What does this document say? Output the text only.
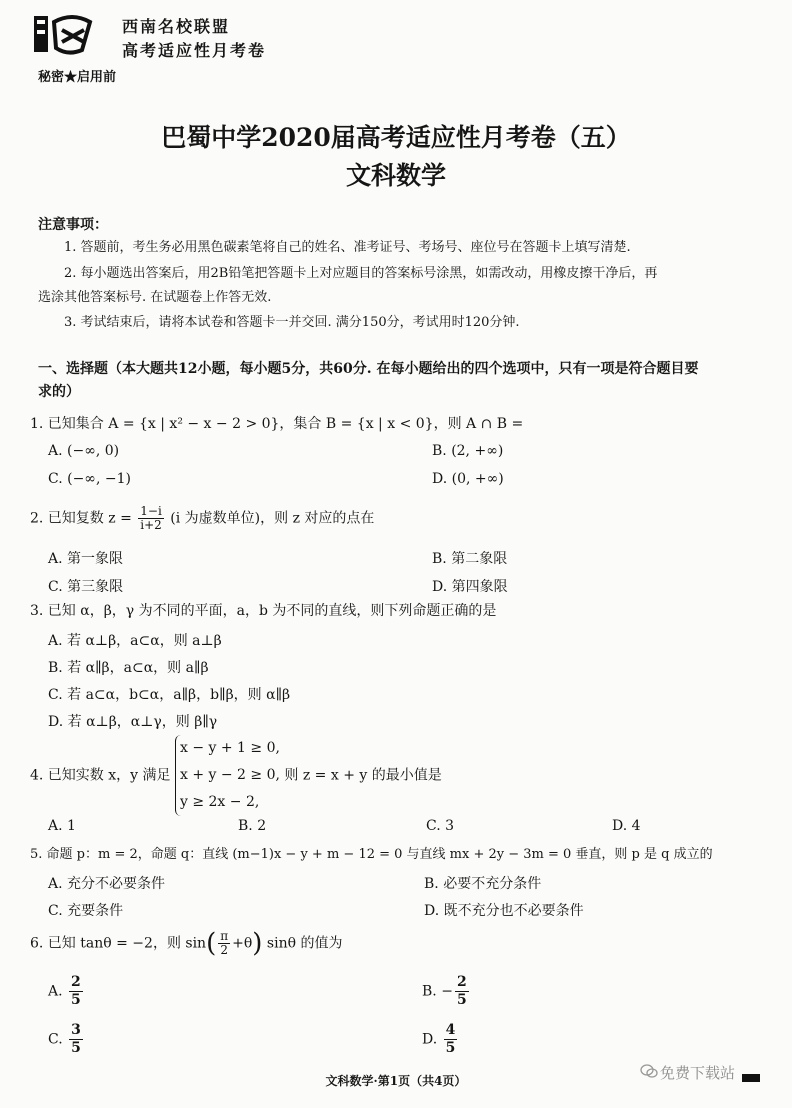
西南名校联盟
高考适应性月考卷
秘密★启用前
巴蜀中学2020届高考适应性月考卷（五）
文科数学
注意事项：
1. 答题前，考生务必用黑色碳素笔将自己的姓名、准考证号、考场号、座位号在答题卡上填写清楚.
2. 每小题选出答案后，用2B铅笔把答题卡上对应题目的答案标号涂黑，如需改动，用橡皮擦干净后，再
选涂其他答案标号. 在试题卷上作答无效.
3. 考试结束后，请将本试卷和答题卡一并交回. 满分150分，考试用时120分钟.
一、选择题（本大题共12小题，每小题5分，共60分. 在每小题给出的四个选项中，只有一项是符合题目要
求的）
1. 已知集合 A = {x | x² − x − 2 > 0}，集合 B = {x | x < 0}，则 A ∩ B =
A. (−∞, 0)	B. (2, +∞)
C. (−∞, −1)	D. (0, +∞)
2. 已知复数 $z = \frac{1-i}{i+2} (i$ 为虚数单位)，则 z 对应的点在
A. 第一象限	B. 第二象限
C. 第三象限	D. 第四象限
3. 已知 α，β，γ 为不同的平面，a，b 为不同的直线，则下列命题正确的是
A. 若 α⊥β，a⊂α，则 a⊥β
B. 若 α∥β，a⊂α，则 a∥β
C. 若 a⊂α，b⊂α，a∥β，b∥β，则 α∥β
D. 若 α⊥β，α⊥γ，则 β∥γ
4. 已知实数 x，y 满足
x − y + 1 ≥ 0,
x + y − 2 ≥ 0,
y ≥ 2x − 2,
则 z = x + y 的最小值是
A. 1	B. 2	C. 3	D. 4
5. 命题 p：m = 2，命题 q：直线 (m−1)x − y + m − 12 = 0 与直线 mx + 2y − 3m = 0 垂直，则 p 是 q 成立的
A. 充分不必要条件	B. 必要不充分条件
C. 充要条件	D. 既不充分也不必要条件
6. 已知 tanθ = −2，则 $\sin( \frac{\pi}{2} +\theta)$ sinθ 的值为
A. $\frac{2}{5}$	B. − $\frac{2}{5}$
C. $\frac{3}{5}$	D. $\frac{4}{5}$
文科数学·第1页（共4页）	免费下载站
